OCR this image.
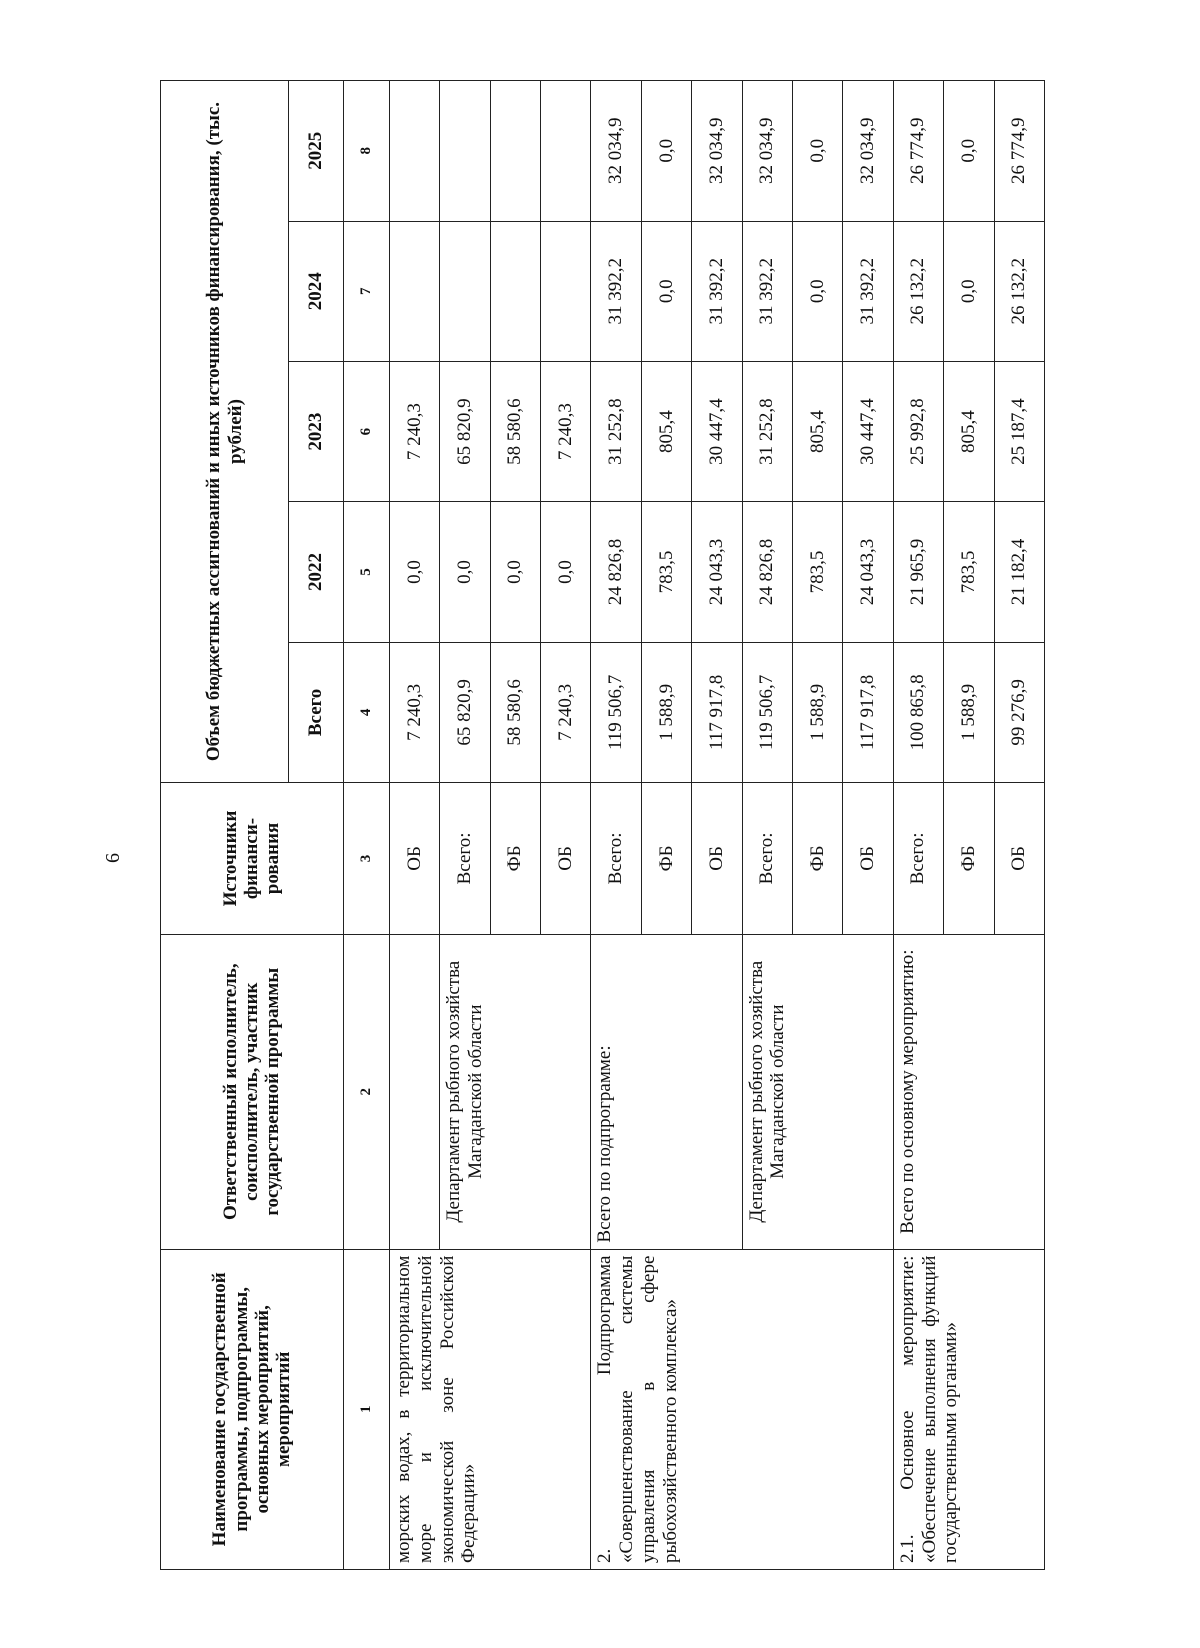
6
Наименование государственной программы, подпрограммы, основных мероприятий, мероприятий	Ответственный исполнитель, соисполнитель, участник государственной программы	Источники финанси-рования	Объем бюджетных ассигнований и иных источников финансирования, (тыс. рублей)				
			Всего	2022	2023	2024	2025
1	2	3	4	5	6	7	8
морских водах, в территориальном море и исключительной экономической зоне Российской Федерации»		ОБ	7 240,3	0,0	7 240,3		
	Департамент рыбного хозяйства Магаданской области	Всего:	65 820,9	0,0	65 820,9		
		ФБ	58 580,6	0,0	58 580,6		
		ОБ	7 240,3	0,0	7 240,3		
2. Подпрограмма «Совершенствование системы управления в сфере рыбохозяйственного комплекса»	Всего по подпрограмме:	Всего:	119 506,7	24 826,8	31 252,8	31 392,2	32 034,9
		ФБ	1 588,9	783,5	805,4	0,0	0,0
		ОБ	117 917,8	24 043,3	30 447,4	31 392,2	32 034,9
	Департамент рыбного хозяйства Магаданской области	Всего:	119 506,7	24 826,8	31 252,8	31 392,2	32 034,9
		ФБ	1 588,9	783,5	805,4	0,0	0,0
		ОБ	117 917,8	24 043,3	30 447,4	31 392,2	32 034,9
2.1. Основное мероприятие: «Обеспечение выполнения функций государственными органами»	Всего по основному мероприятию:	Всего:	100 865,8	21 965,9	25 992,8	26 132,2	26 774,9
		ФБ	1 588,9	783,5	805,4	0,0	0,0
		ОБ	99 276,9	21 182,4	25 187,4	26 132,2	26 774,9
